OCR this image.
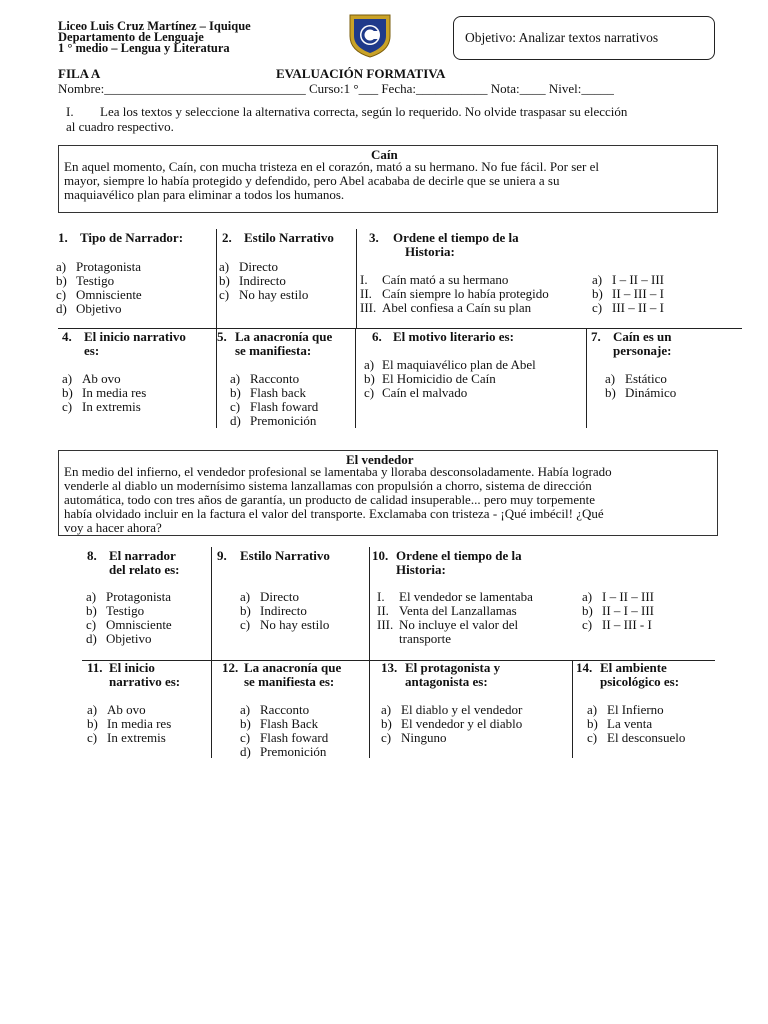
Liceo Luis Cruz Martínez – Iquique
Departamento de Lenguaje
1 ° medio – Lengua y Literatura
Objetivo: Analizar textos narrativos
FILA A	EVALUACIÓN FORMATIVA
Nombre:_______________________________ Curso:1 °___ Fecha:___________ Nota:____ Nivel:_____
I. Lea los textos y seleccione la alternativa correcta, según lo requerido. No olvide traspasar su elección
al cuadro respectivo.
Caín
En aquel momento, Caín, con mucha tristeza en el corazón, mató a su hermano. No fue fácil. Por ser el
mayor, siempre lo había protegido y defendido, pero Abel acababa de decirle que se uniera a su
maquiavélico plan para eliminar a todos los humanos.
1. Tipo de Narrador:
a) Protagonista
b) Testigo
c) Omnisciente
d) Objetivo
2. Estilo Narrativo
a) Directo
b) Indirecto
c) No hay estilo
3. Ordene el tiempo de la
Historia:
I. Caín mató a su hermano
II. Caín siempre lo había protegido
III. Abel confiesa a Caín su plan
a) I – II – III
b) II – III – I
c) III – II – I
4. El inicio narrativo
es:
a) Ab ovo
b) In media res
c) In extremis
5. La anacronía que
se manifiesta:
a) Racconto
b) Flash back
c) Flash foward
d) Premonición
6. El motivo literario es:
a) El maquiavélico plan de Abel
b) El Homicidio de Caín
c) Caín el malvado
7. Caín es un
personaje:
a) Estático
b) Dinámico
El vendedor
En medio del infierno, el vendedor profesional se lamentaba y lloraba desconsoladamente. Había logrado
venderle al diablo un modernísimo sistema lanzallamas con propulsión a chorro, sistema de dirección
automática, todo con tres años de garantía, un producto de calidad insuperable... pero muy torpemente
había olvidado incluir en la factura el valor del transporte. Exclamaba con tristeza - ¡Qué imbécil! ¿Qué
voy a hacer ahora?
8. El narrador
del relato es:
a) Protagonista
b) Testigo
c) Omnisciente
d) Objetivo
9. Estilo Narrativo
a) Directo
b) Indirecto
c) No hay estilo
10. Ordene el tiempo de la
Historia:
I. El vendedor se lamentaba
II. Venta del Lanzallamas
III. No incluye el valor del
transporte
a) I – II – III
b) II – I – III
c) II – III - I
11. El inicio
narrativo es:
a) Ab ovo
b) In media res
c) In extremis
12. La anacronía que
se manifiesta es:
a) Racconto
b) Flash Back
c) Flash foward
d) Premonición
13. El protagonista y
antagonista es:
a) El diablo y el vendedor
b) El vendedor y el diablo
c) Ninguno
14. El ambiente
psicológico es:
a) El Infierno
b) La venta
c) El desconsuelo
